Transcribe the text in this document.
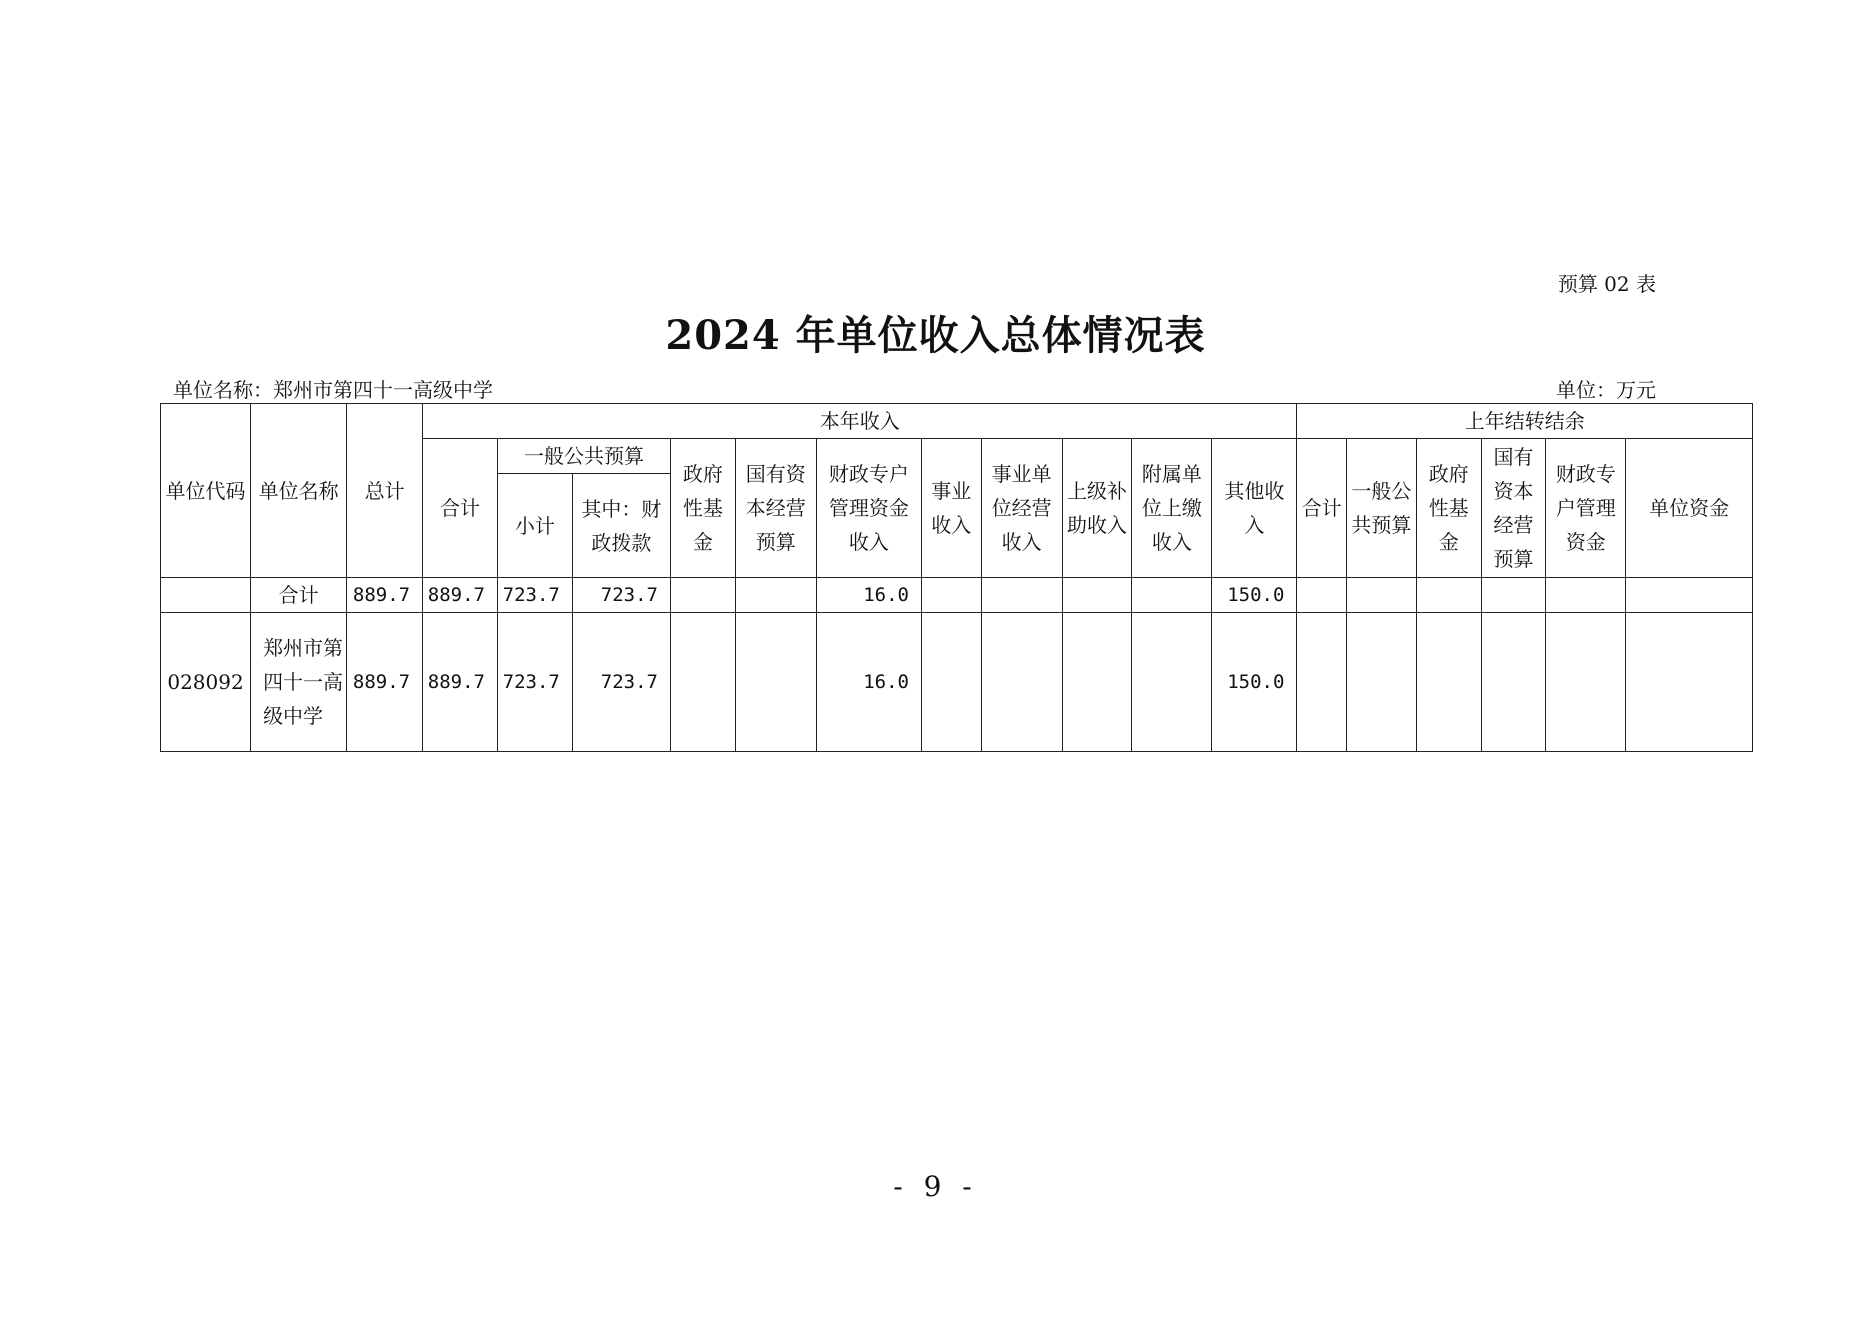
预算 02 表
2024 年单位收入总体情况表
单位名称：郑州市第四十一高级中学	单位：万元
单位代码	单位名称	总计	本年收入											上年结转结余					
			合计	一般公共预算		政府性基金	国有资本经营预算	财政专户管理资金收入	事业收入	事业单位经营收入	上级补助收入	附属单位上缴收入	其他收入	合计	一般公共预算	政府性基金	国有资本经营预算	财政专户管理资金	单位资金
				小计	其中：财政拨款														
	合计	889.7	889.7	723.7	723.7			16.0					150.0						
028092	郑州市第四十一高级中学	889.7	889.7	723.7	723.7			16.0					150.0						
- 9 -
